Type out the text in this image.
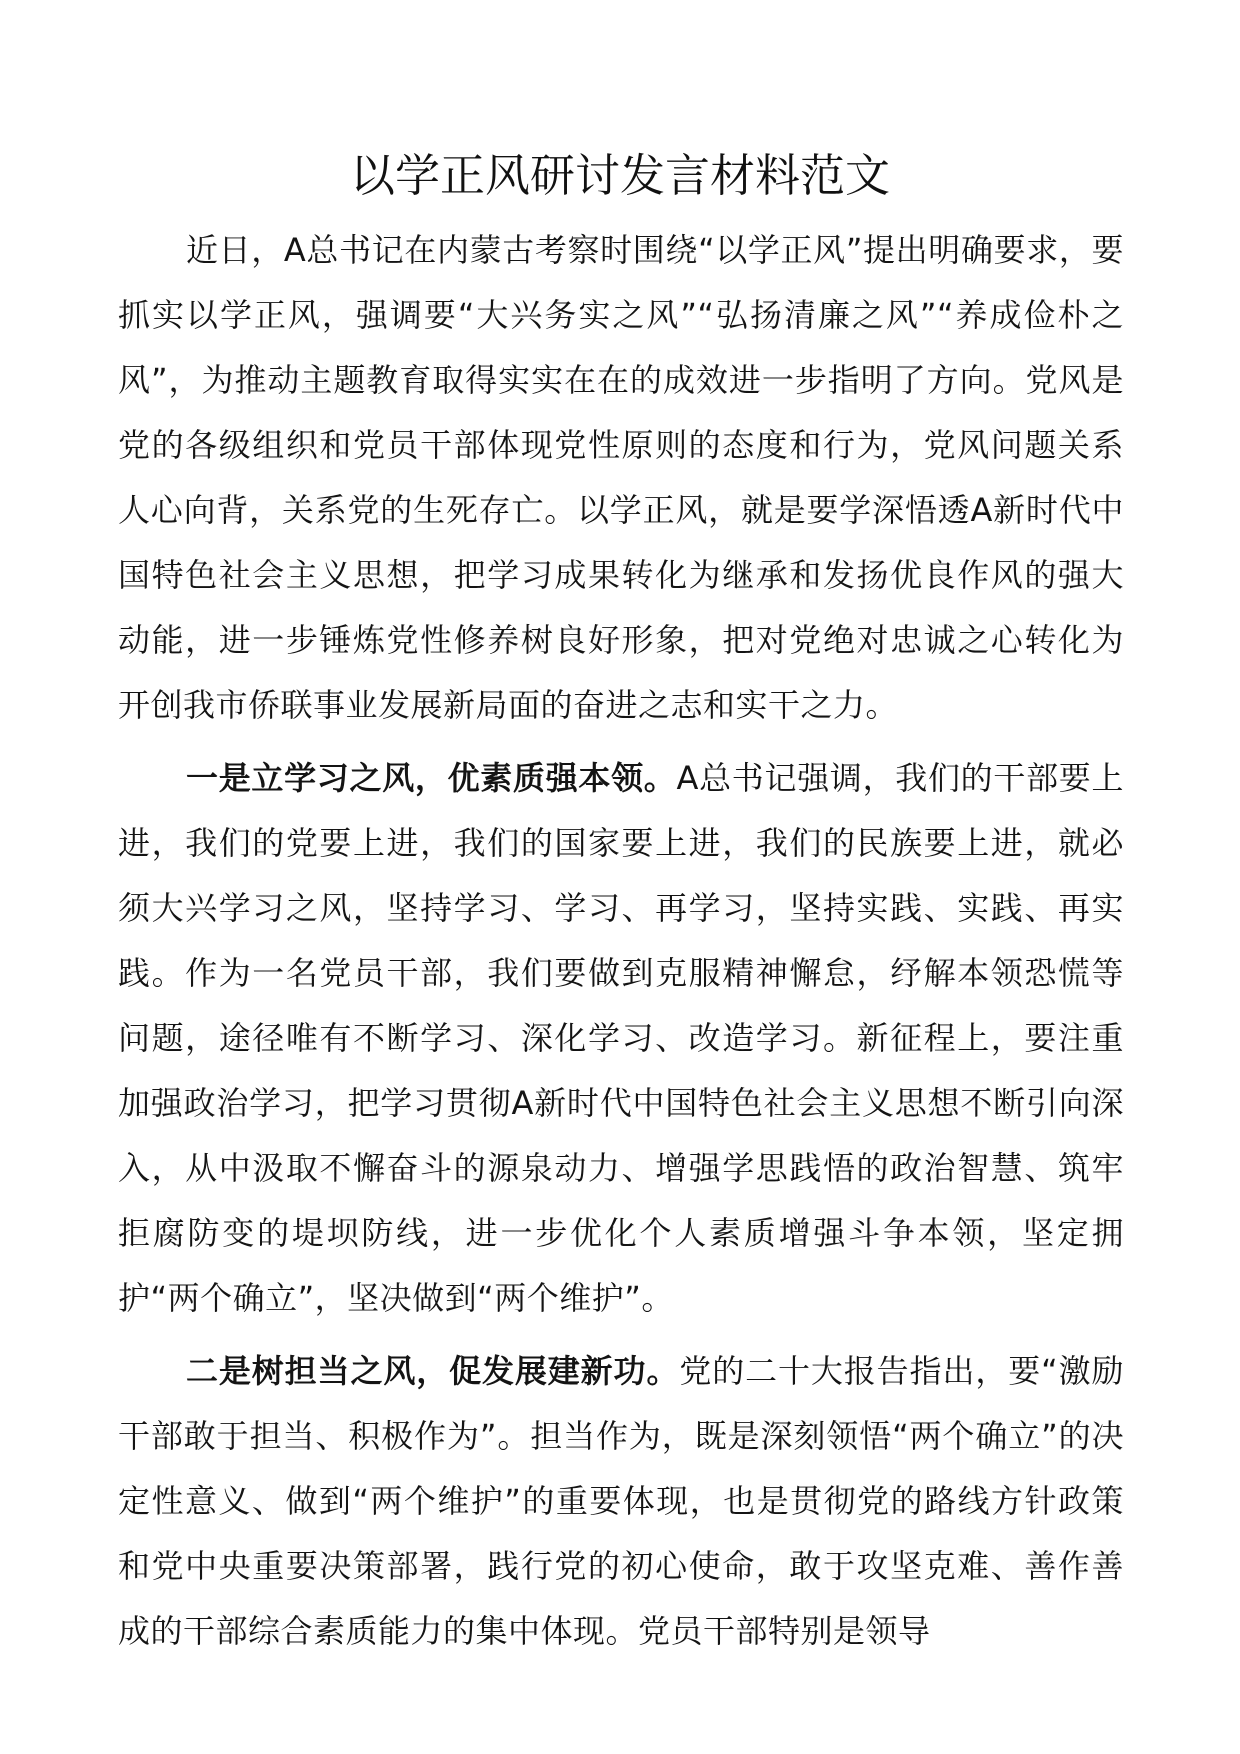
以学正风研讨发言材料范文

近日，A总书记在内蒙古考察时围绕“以学正风”提出明确要求，要抓实以学正风，强调要“大兴务实之风”“弘扬清廉之风”“养成俭朴之风”，为推动主题教育取得实实在在的成效进一步指明了方向。党风是党的各级组织和党员干部体现党性原则的态度和行为，党风问题关系人心向背，关系党的生死存亡。以学正风，就是要学深悟透A新时代中国特色社会主义思想，把学习成果转化为继承和发扬优良作风的强大动能，进一步锤炼党性修养树良好形象，把对党绝对忠诚之心转化为开创我市侨联事业发展新局面的奋进之志和实干之力。

一是立学习之风，优素质强本领。A总书记强调，我们的干部要上进，我们的党要上进，我们的国家要上进，我们的民族要上进，就必须大兴学习之风，坚持学习、学习、再学习，坚持实践、实践、再实践。作为一名党员干部，我们要做到克服精神懈怠，纾解本领恐慌等问题，途径唯有不断学习、深化学习、改造学习。新征程上，要注重加强政治学习，把学习贯彻A新时代中国特色社会主义思想不断引向深入，从中汲取不懈奋斗的源泉动力、增强学思践悟的政治智慧、筑牢拒腐防变的堤坝防线，进一步优化个人素质增强斗争本领，坚定拥护“两个确立”，坚决做到“两个维护”。

二是树担当之风，促发展建新功。党的二十大报告指出，要“激励干部敢于担当、积极作为”。担当作为，既是深刻领悟“两个确立”的决定性意义、做到“两个维护”的重要体现，也是贯彻党的路线方针政策和党中央重要决策部署，践行党的初心使命，敢于攻坚克难、善作善成的干部综合素质能力的集中体现。党员干部特别是领导
